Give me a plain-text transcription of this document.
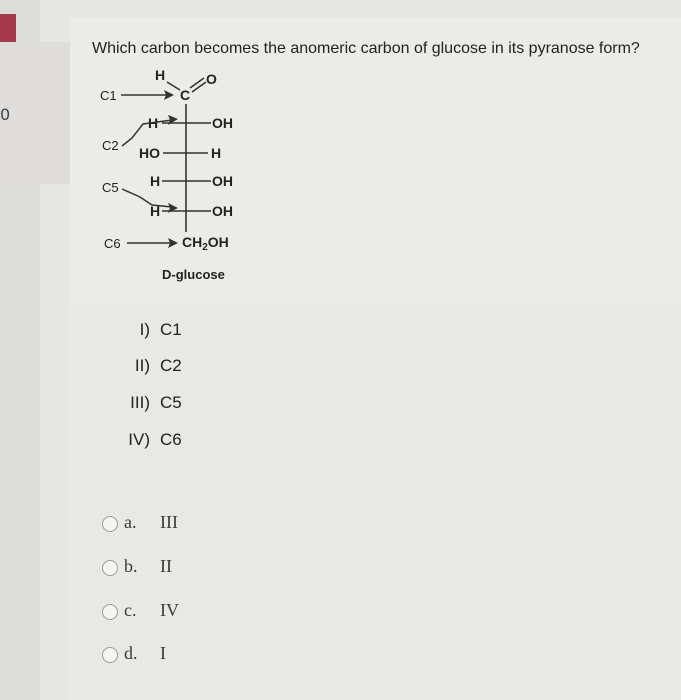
0
Which carbon becomes the anomeric carbon of glucose in its pyranose form?
H
C
O
H	OH
HO	H
H	OH
H	OH
$CH_2OH$
D-glucose
C1
C2
C5
C6
I) C1
II) C2
III) C5
IV) C6
a. III
b. II
c. IV
d. I
